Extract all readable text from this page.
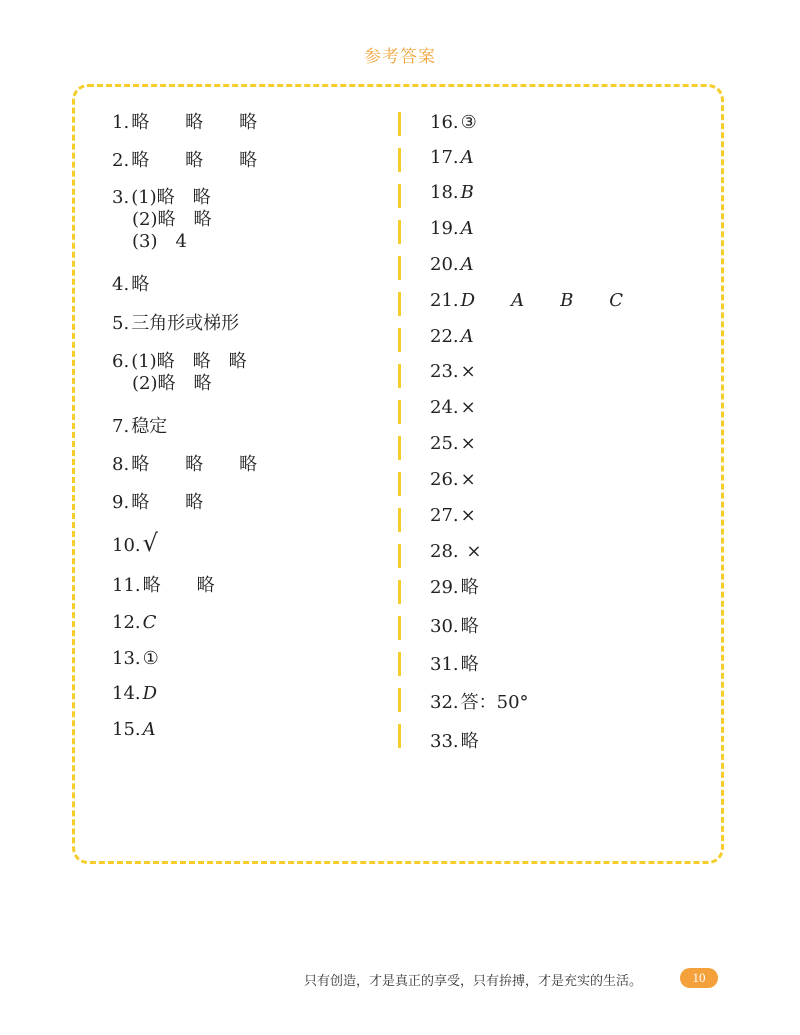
参考答案
1. 略　　略　　略
2. 略　　略　　略
3. (1)略　略
(2)略　略
(3)　4
4. 略
5. 三角形或梯形
6. (1)略　略　略
(2)略　略
7. 稳定
8. 略　　略　　略
9. 略　　略
10.√
11. 略　　略
12. C
13. ①
14. D
15. A
16. ③
17. A
18. B
19. A
20. A
21. D　　A　　B　　C
22. A
23. ×
24. ×
25. ×
26. ×
27. ×
28. ×
29. 略
30. 略
31. 略
32. 答：50°
33. 略
只有创造，才是真正的享受，只有拚搏，才是充实的生活。	10
